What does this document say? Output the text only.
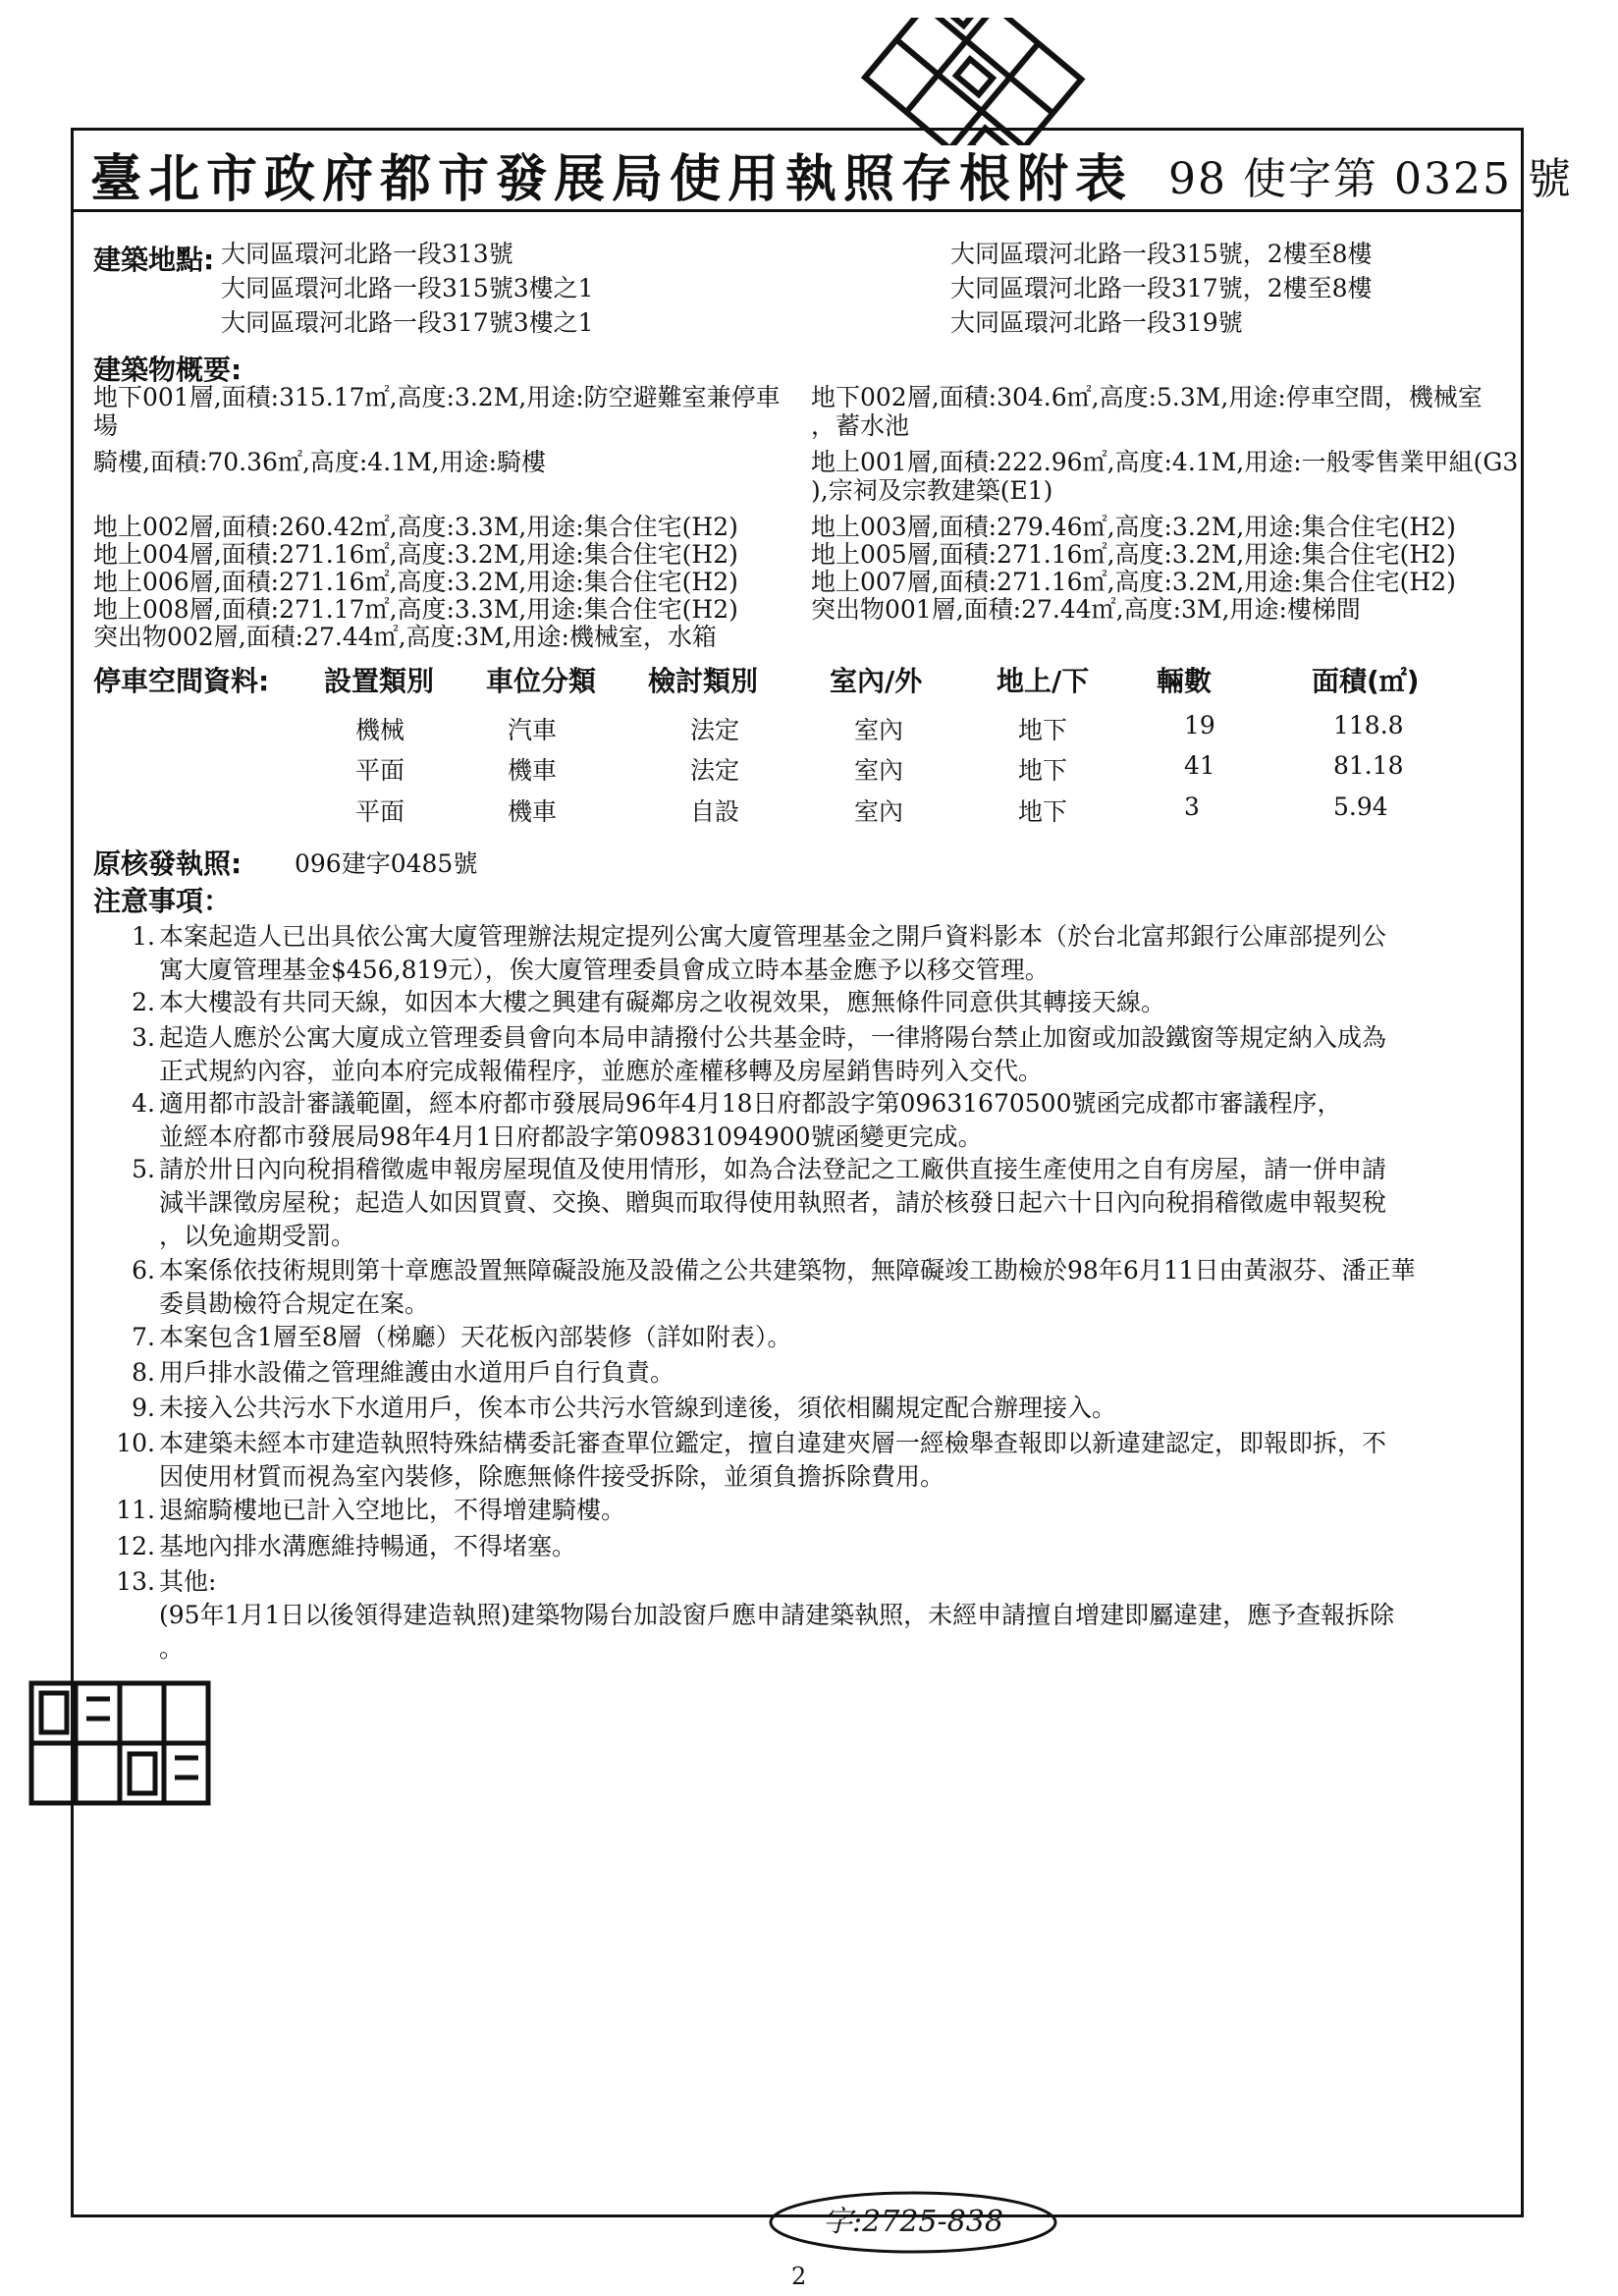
臺北市政府都市發展局使用執照存根附表 98 使字第 0325 號
建築地點: 大同區環河北路一段313號
大同區環河北路一段315號3樓之1
大同區環河北路一段317號3樓之1
大同區環河北路一段315號，2樓至8樓
大同區環河北路一段317號，2樓至8樓
大同區環河北路一段319號
建築物概要:
地下001層,面積:315.17㎡,高度:3.2M,用途:防空避難室兼停車
場
騎樓,面積:70.36㎡,高度:4.1M,用途:騎樓
地上002層,面積:260.42㎡,高度:3.3M,用途:集合住宅(H2)
地上004層,面積:271.16㎡,高度:3.2M,用途:集合住宅(H2)
地上006層,面積:271.16㎡,高度:3.2M,用途:集合住宅(H2)
地上008層,面積:271.17㎡,高度:3.3M,用途:集合住宅(H2)
突出物002層,面積:27.44㎡,高度:3M,用途:機械室，水箱
地下002層,面積:304.6㎡,高度:5.3M,用途:停車空間，機械室
，蓄水池
地上001層,面積:222.96㎡,高度:4.1M,用途:一般零售業甲組(G3
),宗祠及宗教建築(E1)
地上003層,面積:279.46㎡,高度:3.2M,用途:集合住宅(H2)
地上005層,面積:271.16㎡,高度:3.2M,用途:集合住宅(H2)
地上007層,面積:271.16㎡,高度:3.2M,用途:集合住宅(H2)
突出物001層,面積:27.44㎡,高度:3M,用途:樓梯間
停車空間資料: 設置類別 車位分類 檢討類別	室內/外	地上/下 輛數	面積(㎡)
機械	汽車	法定	室內	地下	19	118.8
平面	機車	法定	室內	地下	41	81.18
平面	機車	自設	室內	地下	3	5.94
原核發執照: 096建字0485號
注意事項：
1. 本案起造人已出具依公寓大廈管理辦法規定提列公寓大廈管理基金之開戶資料影本（於台北富邦銀行公庫部提列公
寓大廈管理基金$456,819元），俟大廈管理委員會成立時本基金應予以移交管理。
2. 本大樓設有共同天線，如因本大樓之興建有礙鄰房之收視效果，應無條件同意供其轉接天線。
3. 起造人應於公寓大廈成立管理委員會向本局申請撥付公共基金時，一律將陽台禁止加窗或加設鐵窗等規定納入成為
正式規約內容，並向本府完成報備程序，並應於產權移轉及房屋銷售時列入交代。
4. 適用都市設計審議範圍，經本府都市發展局96年4月18日府都設字第09631670500號函完成都市審議程序，
並經本府都市發展局98年4月1日府都設字第09831094900號函變更完成。
5. 請於卅日內向稅捐稽徵處申報房屋現值及使用情形，如為合法登記之工廠供直接生產使用之自有房屋，請一併申請
減半課徵房屋稅；起造人如因買賣、交換、贈與而取得使用執照者，請於核發日起六十日內向稅捐稽徵處申報契稅
，以免逾期受罰。
6. 本案係依技術規則第十章應設置無障礙設施及設備之公共建築物，無障礙竣工勘檢於98年6月11日由黃淑芬、潘正華
委員勘檢符合規定在案。
7. 本案包含1層至8層（梯廳）天花板內部裝修（詳如附表）。
8. 用戶排水設備之管理維護由水道用戶自行負責。
9. 未接入公共污水下水道用戶，俟本市公共污水管線到達後，須依相關規定配合辦理接入。
10. 本建築未經本市建造執照特殊結構委託審查單位鑑定，擅自違建夾層一經檢舉查報即以新違建認定，即報即拆，不
因使用材質而視為室內裝修，除應無條件接受拆除，並須負擔拆除費用。
11. 退縮騎樓地已計入空地比，不得增建騎樓。
12. 基地內排水溝應維持暢通，不得堵塞。
13. 其他:
(95年1月1日以後領得建造執照)建築物陽台加設窗戶應申請建築執照，未經申請擅自增建即屬違建，應予查報拆除
。
字:2725-838
2
